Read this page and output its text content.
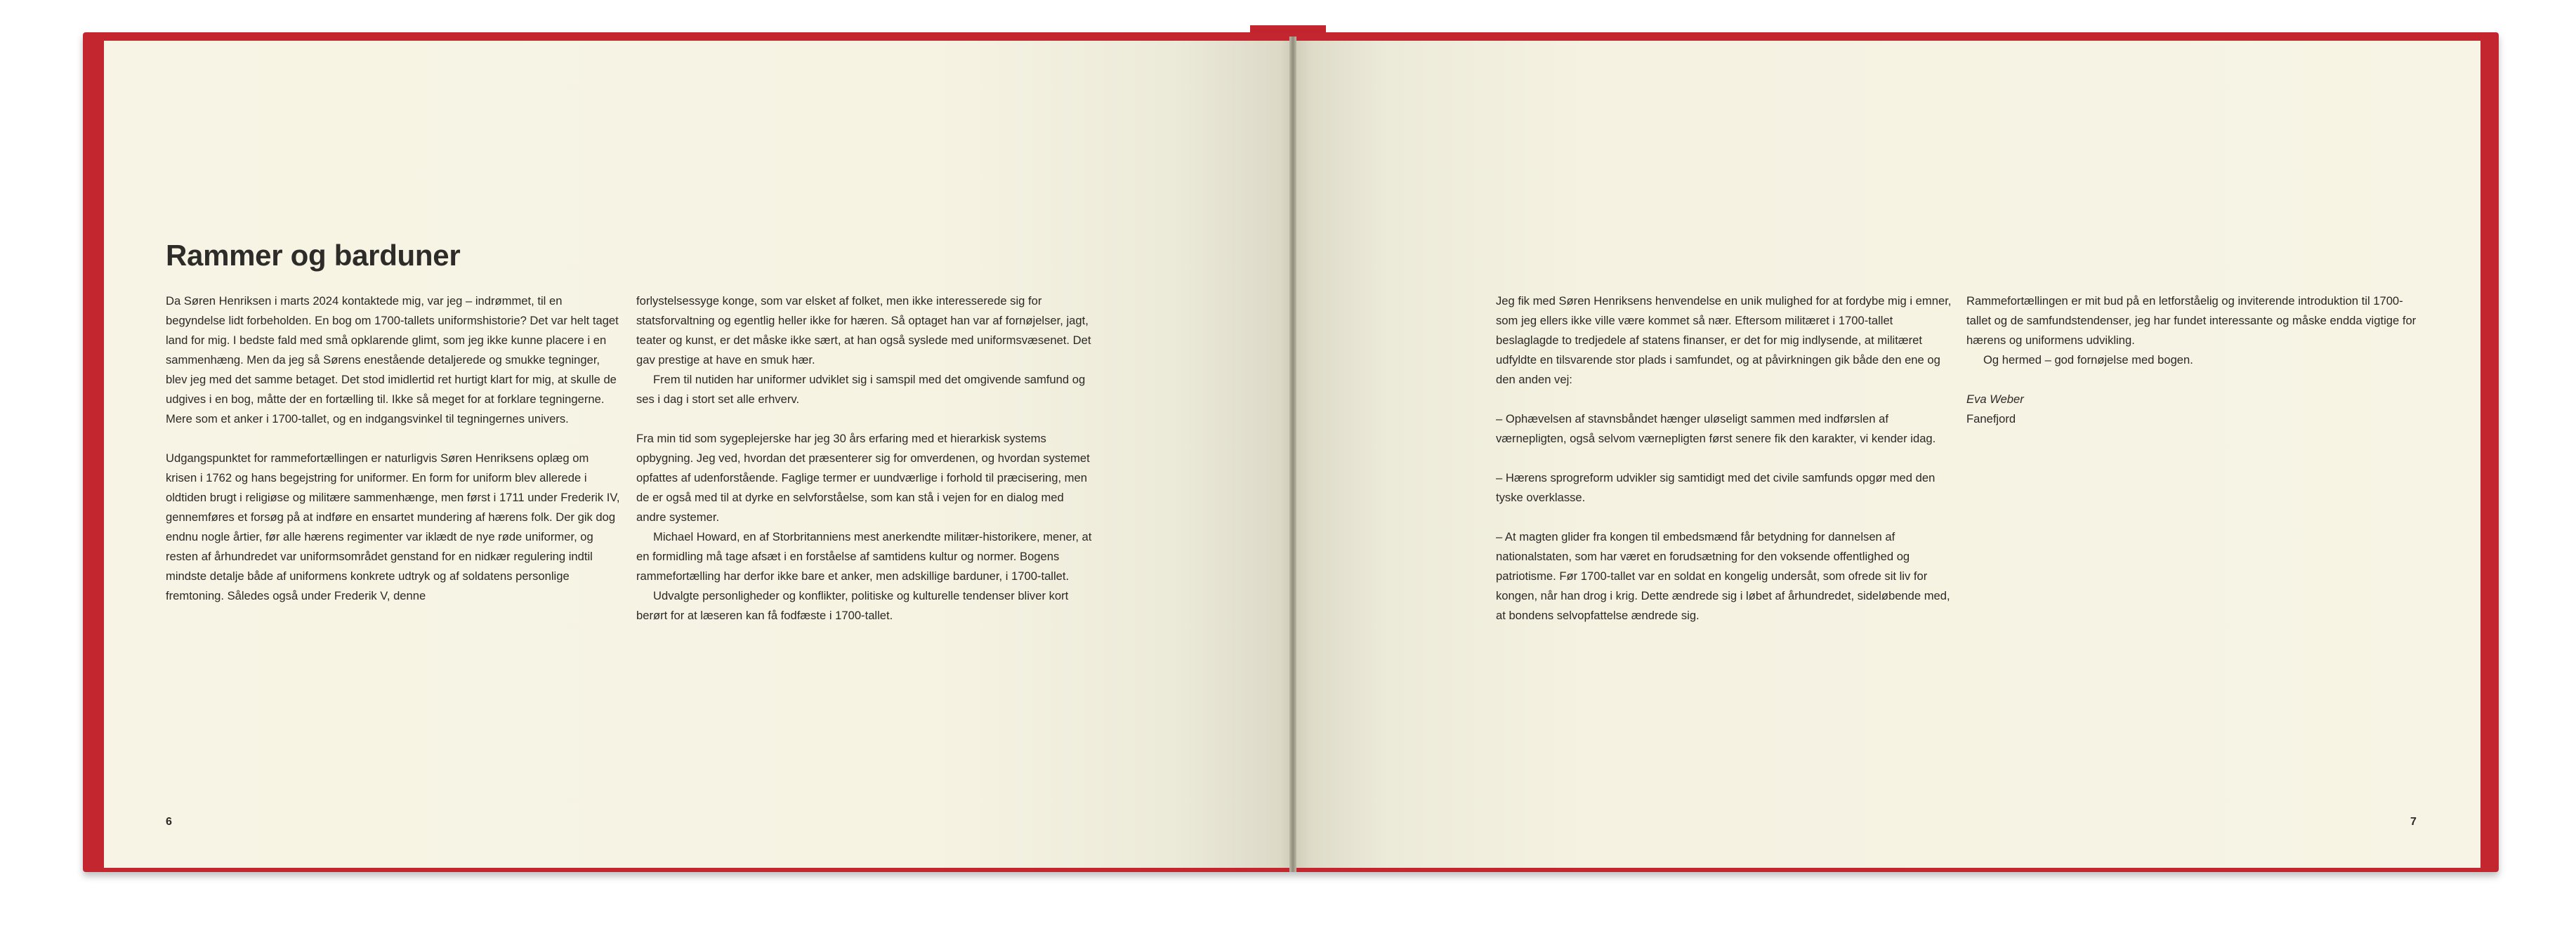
Rammer og barduner

Da Søren Henriksen i marts 2024 kontaktede mig, var jeg – indrømmet, til en begyndelse lidt forbeholden. En bog om 1700-tallets uniformshistorie? Det var helt taget land for mig. I bedste fald med små opklarende glimt, som jeg ikke kunne placere i en sammenhæng. Men da jeg så Sørens enestående detaljerede og smukke tegninger, blev jeg med det samme betaget. Det stod imidlertid ret hurtigt klart for mig, at skulle de udgives i en bog, måtte der en fortælling til. Ikke så meget for at forklare tegningerne. Mere som et anker i 1700-tallet, og en indgangsvinkel til tegningernes univers.

Udgangspunktet for rammefortællingen er naturligvis Søren Henriksens oplæg om krisen i 1762 og hans begejstring for uniformer. En form for uniform blev allerede i oldtiden brugt i religiøse og militære sammenhænge, men først i 1711 under Frederik IV, gennemføres et forsøg på at indføre en ensartet mundering af hærens folk. Der gik dog endnu nogle årtier, før alle hærens regimenter var iklædt de nye røde uniformer, og resten af århundredet var uniformsområdet genstand for en nidkær regulering indtil mindste detalje både af uniformens konkrete udtryk og af soldatens personlige fremtoning. Således også under Frederik V, denne

forlystelsessyge konge, som var elsket af folket, men ikke interesserede sig for statsforvaltning og egentlig heller ikke for hæren. Så optaget han var af fornøjelser, jagt, teater og kunst, er det måske ikke sært, at han også syslede med uniformsvæsenet. Det gav prestige at have en smuk hær.

Frem til nutiden har uniformer udviklet sig i samspil med det omgivende samfund og ses i dag i stort set alle erhverv.

Fra min tid som sygeplejerske har jeg 30 års erfaring med et hierarkisk systems opbygning. Jeg ved, hvordan det præsenterer sig for omverdenen, og hvordan systemet opfattes af udenforstående. Faglige termer er uundværlige i forhold til præcisering, men de er også med til at dyrke en selvforståelse, som kan stå i vejen for en dialog med andre systemer.

Michael Howard, en af Storbritanniens mest anerkendte militær-historikere, mener, at en formidling må tage afsæt i en forståelse af samtidens kultur og normer. Bogens rammefortælling har derfor ikke bare et anker, men adskillige barduner, i 1700-tallet.

Udvalgte personligheder og konflikter, politiske og kulturelle tendenser bliver kort berørt for at læseren kan få fodfæste i 1700-tallet.

Jeg fik med Søren Henriksens henvendelse en unik mulighed for at fordybe mig i emner, som jeg ellers ikke ville være kommet så nær. Eftersom militæret i 1700-tallet beslaglagde to tredjedele af statens finanser, er det for mig indlysende, at militæret udfyldte en tilsvarende stor plads i samfundet, og at påvirkningen gik både den ene og den anden vej:

– Ophævelsen af stavnsbåndet hænger uløseligt sammen med indførslen af værnepligten, også selvom værnepligten først senere fik den karakter, vi kender idag.

– Hærens sprogreform udvikler sig samtidigt med det civile samfunds opgør med den tyske overklasse.

– At magten glider fra kongen til embedsmænd får betydning for dannelsen af nationalstaten, som har været en forudsætning for den voksende offentlighed og patriotisme. Før 1700-tallet var en soldat en kongelig undersåt, som ofrede sit liv for kongen, når han drog i krig. Dette ændrede sig i løbet af århundredet, sideløbende med, at bondens selvopfattelse ændrede sig.

Rammefortællingen er mit bud på en letforståelig og inviterende introduktion til 1700-tallet og de samfundstendenser, jeg har fundet interessante og måske endda vigtige for hærens og uniformens udvikling.

Og hermed – god fornøjelse med bogen.

Eva Weber

Fanefjord

6	7
